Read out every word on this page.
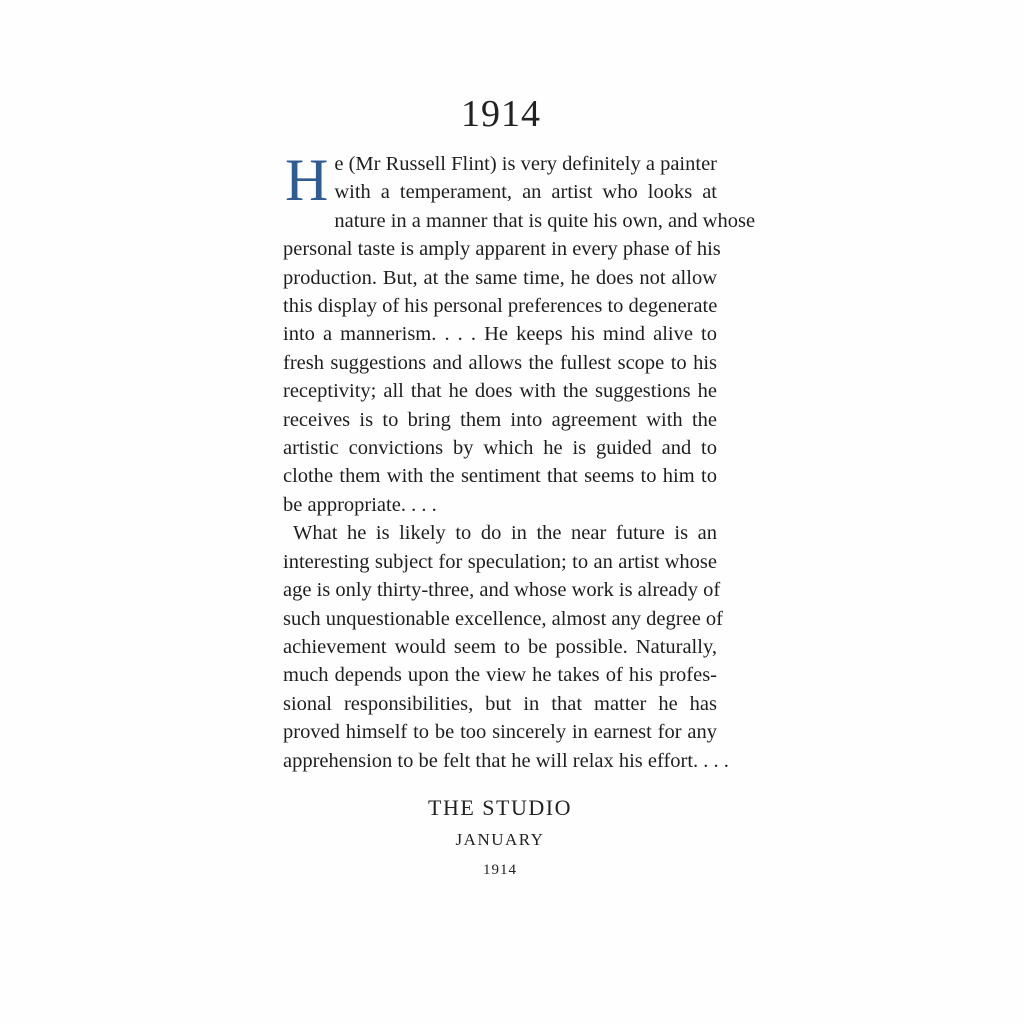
1914
H e (Mr Russell Flint) is very definitely a painter
with a temperament, an artist who looks at
nature in a manner that is quite his own, and whose
personal taste is amply apparent in every phase of his
production. But, at the same time, he does not allow
this display of his personal preferences to degenerate
into a mannerism. . . . He keeps his mind alive to
fresh suggestions and allows the fullest scope to his
receptivity; all that he does with the suggestions he
receives is to bring them into agreement with the
artistic convictions by which he is guided and to
clothe them with the sentiment that seems to him to
be appropriate. . . .
What he is likely to do in the near future is an
interesting subject for speculation; to an artist whose
age is only thirty-three, and whose work is already of
such unquestionable excellence, almost any degree of
achievement would seem to be possible. Naturally,
much depends upon the view he takes of his profes-
sional responsibilities, but in that matter he has
proved himself to be too sincerely in earnest for any
apprehension to be felt that he will relax his effort. . . .
THE STUDIO
JANUARY
1914
